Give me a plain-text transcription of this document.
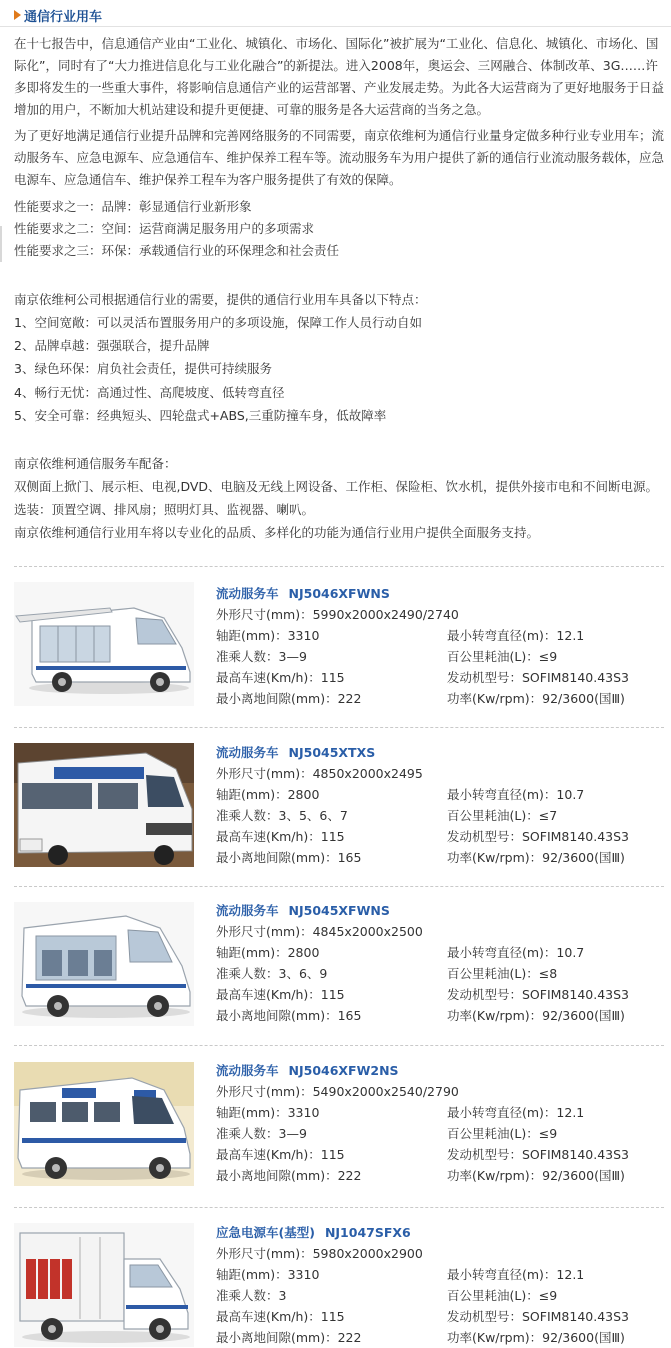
通信行业用车

在十七报告中，信息通信产业由“工业化、城镇化、市场化、国际化”被扩展为“工业化、信息化、城镇化、市场化、国际化”，同时有了“大力推进信息化与工业化融合”的新提法。进入2008年，奥运会、三网融合、体制改革、3G……许多即将发生的一些重大事件，将影响信息通信产业的运营部署、产业发展走势。为此各大运营商为了更好地服务于日益增加的用户，不断加大机站建设和提升更便捷、可靠的服务是各大运营商的当务之急。

为了更好地满足通信行业提升品牌和完善网络服务的不同需要，南京依维柯为通信行业量身定做多种行业专业用车；流动服务车、应急电源车、应急通信车、维护保养工程车等。流动服务车为用户提供了新的通信行业流动服务载体，应急电源车、应急通信车、维护保养工程车为客户服务提供了有效的保障。

性能要求之一：品牌：彰显通信行业新形象
性能要求之二：空间：运营商满足服务用户的多项需求
性能要求之三：环保：承载通信行业的环保理念和社会责任
南京依维柯公司根据通信行业的需要，提供的通信行业用车具备以下特点：
1、空间宽敞：可以灵活布置服务用户的多项设施，保障工作人员行动自如
2、品牌卓越：强强联合，提升品牌
3、绿色环保：肩负社会责任，提供可持续服务
4、畅行无忧：高通过性、高爬坡度、低转弯直径
5、安全可靠：经典短头、四轮盘式+ABS,三重防撞车身，低故障率
南京依维柯通信服务车配备：
双侧面上掀门、展示柜、电视,DVD、电脑及无线上网设备、工作柜、保险柜、饮水机，提供外接市电和不间断电源。
选装：顶置空调、排风扇；照明灯具、监视器、喇叭。
南京依维柯通信行业用车将以专业化的品质、多样化的功能为通信行业用户提供全面服务支持。
流动服务车 NJ5046XFWNS
外形尺寸(mm)：5990x2000x2490/2740
轴距(mm)：3310	最小转弯直径(m)：12.1
准乘人数：3—9	百公里耗油(L)：≤9
最高车速(Km/h)：115	发动机型号：SOFIM8140.43S3
最小离地间隙(mm)：222	功率(Kw/rpm)：92/3600(国Ⅲ)
流动服务车 NJ5045XTXS
外形尺寸(mm)：4850x2000x2495
轴距(mm)：2800	最小转弯直径(m)：10.7
准乘人数：3、5、6、7	百公里耗油(L)：≤7
最高车速(Km/h)：115	发动机型号：SOFIM8140.43S3
最小离地间隙(mm)：165	功率(Kw/rpm)：92/3600(国Ⅲ)
流动服务车 NJ5045XFWNS
外形尺寸(mm)：4845x2000x2500
轴距(mm)：2800	最小转弯直径(m)：10.7
准乘人数：3、6、9	百公里耗油(L)：≤8
最高车速(Km/h)：115	发动机型号：SOFIM8140.43S3
最小离地间隙(mm)：165	功率(Kw/rpm)：92/3600(国Ⅲ)
流动服务车 NJ5046XFW2NS
外形尺寸(mm)：5490x2000x2540/2790
轴距(mm)：3310	最小转弯直径(m)：12.1
准乘人数：3—9	百公里耗油(L)：≤9
最高车速(Km/h)：115	发动机型号：SOFIM8140.43S3
最小离地间隙(mm)：222	功率(Kw/rpm)：92/3600(国Ⅲ)
应急电源车(基型) NJ1047SFX6
外形尺寸(mm)：5980x2000x2900
轴距(mm)：3310	最小转弯直径(m)：12.1
准乘人数：3	百公里耗油(L)：≤9
最高车速(Km/h)：115	发动机型号：SOFIM8140.43S3
最小离地间隙(mm)：222	功率(Kw/rpm)：92/3600(国Ⅲ)
